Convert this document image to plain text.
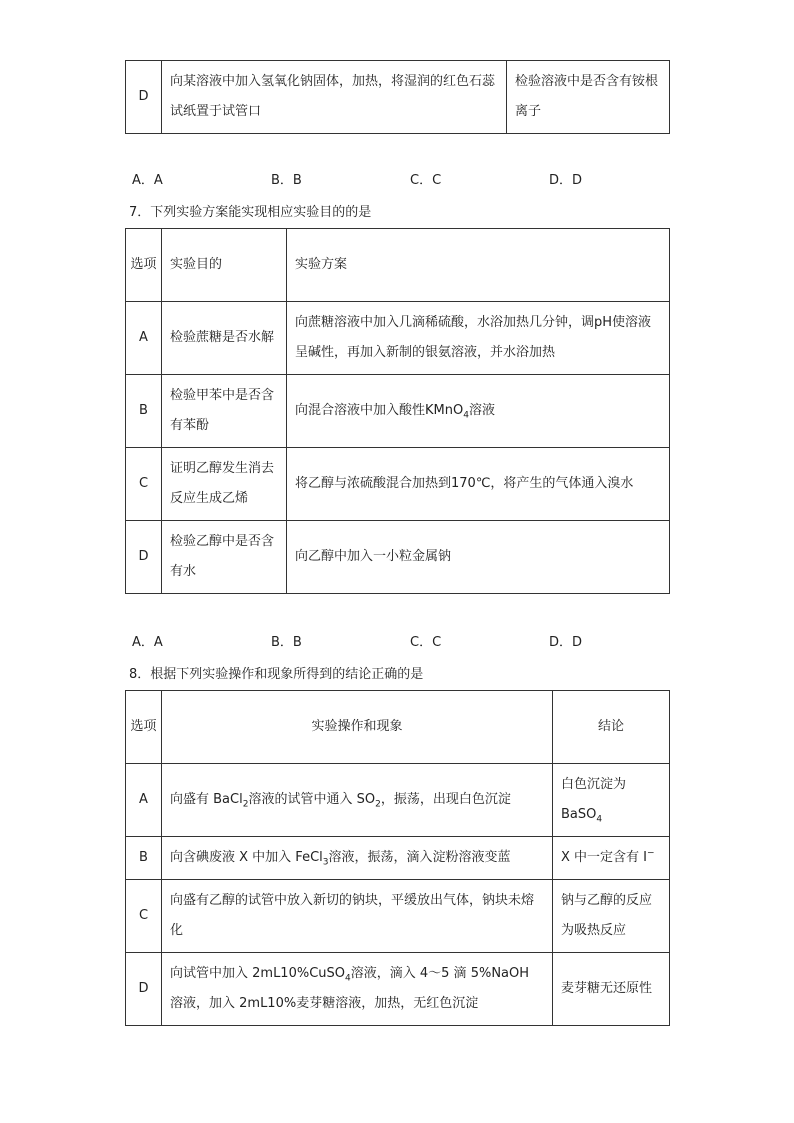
D	向某溶液中加入氢氧化钠固体，加热，将湿润的红色石蕊试纸置于试管口	检验溶液中是否含有铵根离子
A．A	B．B	C．C	D．D
7．下列实验方案能实现相应实验目的的是
选项	实验目的	实验方案
A	检验蔗糖是否水解	向蔗糖溶液中加入几滴稀硫酸，水浴加热几分钟，调pH使溶液呈碱性，再加入新制的银氨溶液，并水浴加热
B	检验甲苯中是否含有苯酚	向混合溶液中加入酸性KMnO$_4$溶液
C	证明乙醇发生消去反应生成乙烯	将乙醇与浓硫酸混合加热到170℃，将产生的气体通入溴水
D	检验乙醇中是否含有水	向乙醇中加入一小粒金属钠
A．A	B．B	C．C	D．D
8．根据下列实验操作和现象所得到的结论正确的是
选项	实验操作和现象	结论
A	向盛有 BaCl$_2$溶液的试管中通入 $SO_2$，振荡，出现白色沉淀	白色沉淀为
BaSO$_4$
B	向含碘废液 X 中加入 FeCl$_3$溶液，振荡，滴入淀粉溶液变蓝	X 中一定含有 I−
C	向盛有乙醇的试管中放入新切的钠块，平缓放出气体，钠块未熔化	钠与乙醇的反应为吸热反应
D	向试管中加入 2mL10%CuSO$_4$溶液，滴入 4～5 滴 5%NaOH 溶液，加入 2mL10%麦芽糖溶液，加热，无红色沉淀	麦芽糖无还原性
